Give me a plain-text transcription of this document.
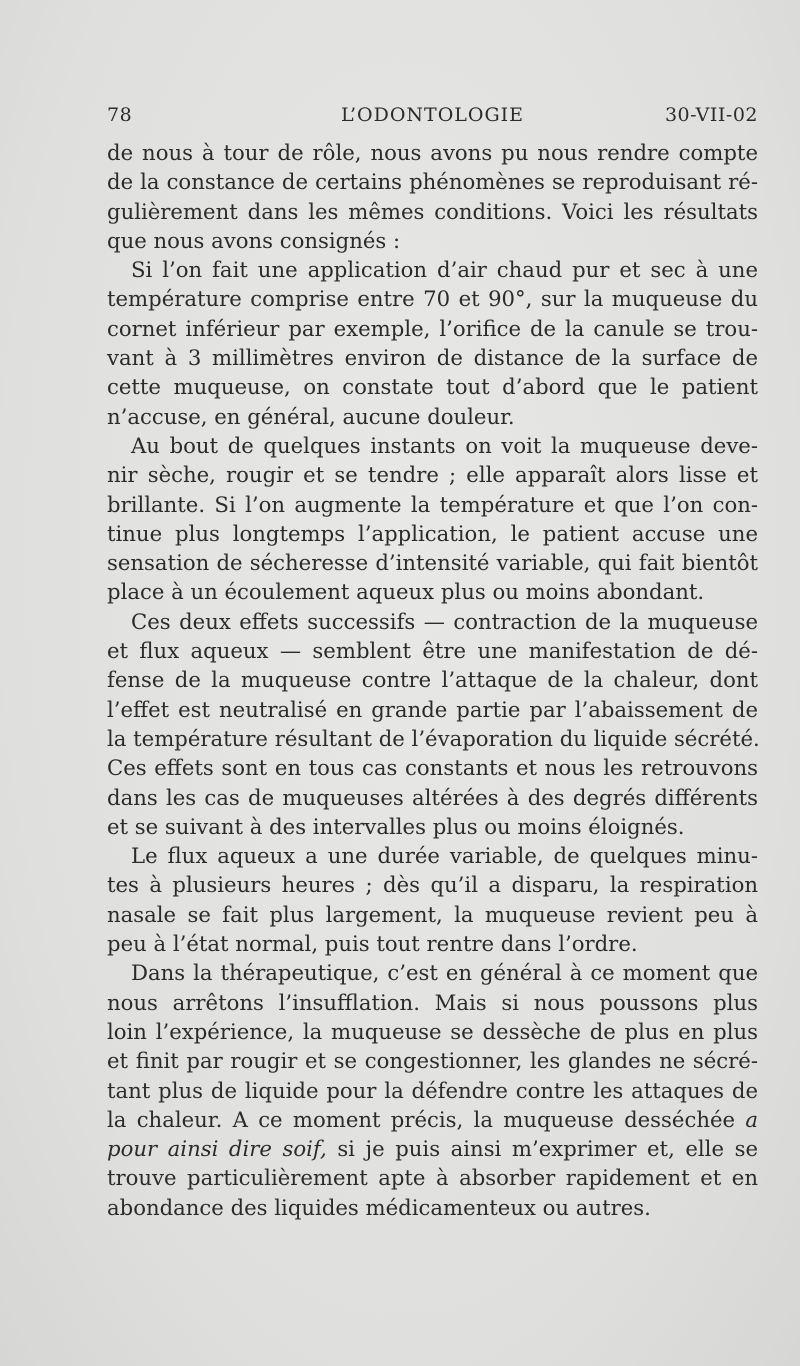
78	L’ODONTOLOGIE	30-VII-02
de nous à tour de rôle, nous avons pu nous rendre compte
de la constance de certains phénomènes se reproduisant ré-
gulièrement dans les mêmes conditions. Voici les résultats
que nous avons consignés :
Si l’on fait une application d’air chaud pur et sec à une
température comprise entre 70 et 90°, sur la muqueuse du
cornet inférieur par exemple, l’orifice de la canule se trou-
vant à 3 millimètres environ de distance de la surface de
cette muqueuse, on constate tout d’abord que le patient
n’accuse, en général, aucune douleur.
Au bout de quelques instants on voit la muqueuse deve-
nir sèche, rougir et se tendre ; elle apparaît alors lisse et
brillante. Si l’on augmente la température et que l’on con-
tinue plus longtemps l’application, le patient accuse une
sensation de sécheresse d’intensité variable, qui fait bientôt
place à un écoulement aqueux plus ou moins abondant.
Ces deux effets successifs — contraction de la muqueuse
et flux aqueux — semblent être une manifestation de dé-
fense de la muqueuse contre l’attaque de la chaleur, dont
l’effet est neutralisé en grande partie par l’abaissement de
la température résultant de l’évaporation du liquide sécrété.
Ces effets sont en tous cas constants et nous les retrouvons
dans les cas de muqueuses altérées à des degrés différents
et se suivant à des intervalles plus ou moins éloignés.
Le flux aqueux a une durée variable, de quelques minu-
tes à plusieurs heures ; dès qu’il a disparu, la respiration
nasale se fait plus largement, la muqueuse revient peu à
peu à l’état normal, puis tout rentre dans l’ordre.
Dans la thérapeutique, c’est en général à ce moment que
nous arrêtons l’insufflation. Mais si nous poussons plus
loin l’expérience, la muqueuse se dessèche de plus en plus
et finit par rougir et se congestionner, les glandes ne sécré-
tant plus de liquide pour la défendre contre les attaques de
la chaleur. A ce moment précis, la muqueuse desséchée a
pour ainsi dire soif, si je puis ainsi m’exprimer et, elle se
trouve particulièrement apte à absorber rapidement et en
abondance des liquides médicamenteux ou autres.
